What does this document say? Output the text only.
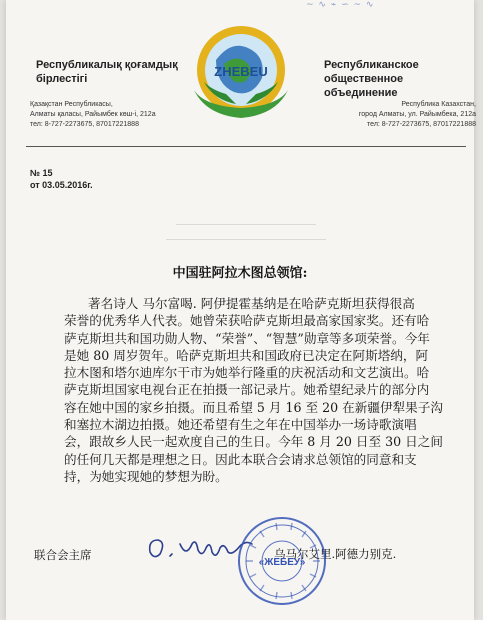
~ ∿ ⌁ ∽ ~ ∿
Республикалық қоғамдық
бірлестігі	ZHEBEU	Республиканское
общественное объединение
Қазақстан Республикасы,
Алматы қаласы, Райымбек көш-і, 212а
тел: 8-727-2273675, 87017221888
Республика Казахстан,
город Алматы, ул. Райымбека, 212а
тел: 8-727-2273675, 87017221888
№ 15
от 03.05.2016г.
中国驻阿拉木图总领馆:
著名诗人 马尔富喝. 阿伊提霍基纳是在哈萨克斯坦获得很高
荣誉的优秀华人代表。她曾荣获哈萨克斯坦最高家国家奖。还有哈
萨克斯坦共和国功勋人物、“荣誉”、“智慧”勋章等多项荣誉。今年
是她 80 周岁贺年。哈萨克斯坦共和国政府已决定在阿斯塔纳，阿
拉木图和塔尔迪库尔干市为她举行隆重的庆祝活动和文艺演出。哈
萨克斯坦国家电视台正在拍摄一部记录片。她希望纪录片的部分内
容在她中国的家乡拍摄。而且希望 5 月 16 至 20 在新疆伊犁果子沟
和塞拉木湖边拍摄。她还希望有生之年在中国举办一场诗歌演唱
会，跟故乡人民一起欢度自己的生日。今年 8 月 20 日至 30 日之间
的任何几天都是理想之日。因此本联合会请求总领馆的同意和支
持，为她实现她的梦想为盼。
联合会主席	乌马尔艾里.阿德力别克.
«ЖЕБЕУ»
